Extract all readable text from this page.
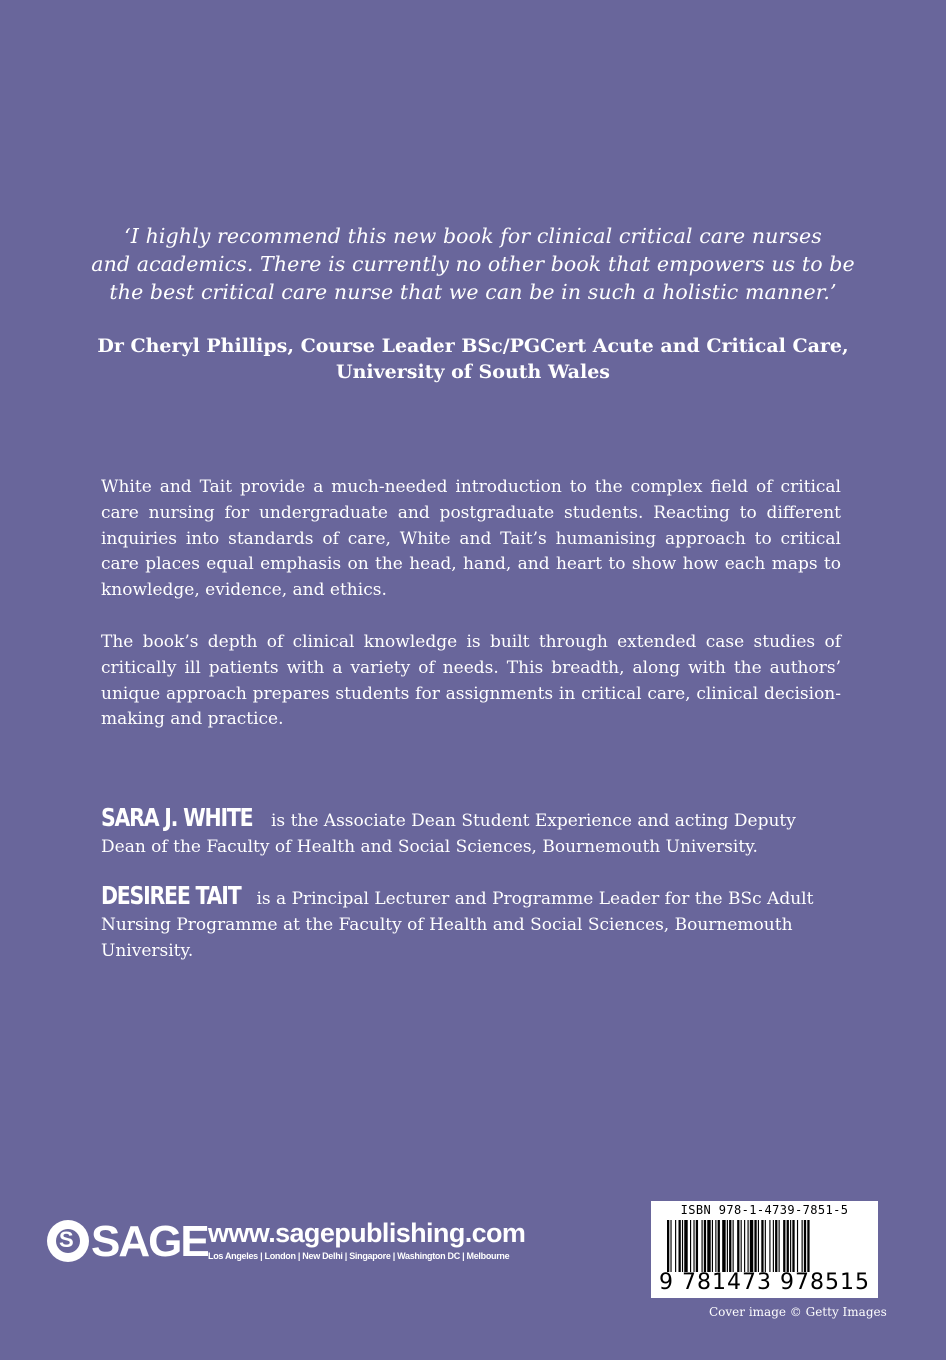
‘I highly recommend this new book for clinical critical care nurses
and academics. There is currently no other book that empowers us to be
the best critical care nurse that we can be in such a holistic manner.’
Dr Cheryl Phillips, Course Leader BSc/PGCert Acute and Critical Care,
University of South Wales
White and Tait provide a much-needed introduction to the complex field of critical care nursing for undergraduate and postgraduate students. Reacting to different inquiries into standards of care, White and Tait’s humanising approach to critical care places equal emphasis on the head, hand, and heart to show how each maps to knowledge, evidence, and ethics.
The book’s depth of clinical knowledge is built through extended case studies of critically ill patients with a variety of needs. This breadth, along with the authors’ unique approach prepares students for assignments in critical care, clinical decision-making and practice.
SARA J. WHITE is the Associate Dean Student Experience and acting Deputy Dean of the Faculty of Health and Social Sciences, Bournemouth University.
DESIREE TAIT is a Principal Lecturer and Programme Leader for the BSc Adult Nursing Programme at the Faculty of Health and Social Sciences, Bournemouth University.
S SAGE www.sagepublishing.com
Los Angeles | London | New Delhi | Singapore | Washington DC | Melbourne
ISBN 978-1-4739-7851-5
9 781473 978515
Cover image © Getty Images
